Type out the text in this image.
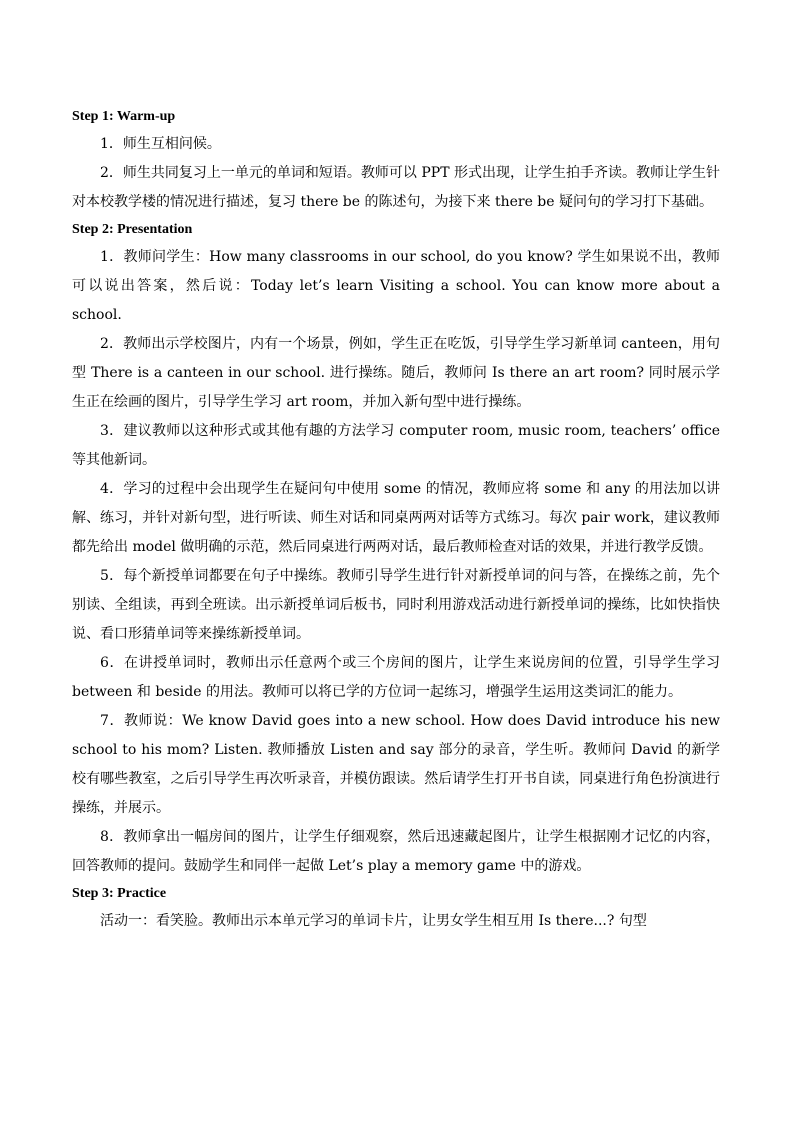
Step 1: Warm-up

1．师生互相问候。

2．师生共同复习上一单元的单词和短语。教师可以 PPT 形式出现，让学生拍手齐读。教师让学生针对本校教学楼的情况进行描述，复习 there be 的陈述句，为接下来 there be 疑问句的学习打下基础。

Step 2: Presentation

1．教师问学生：How many classrooms in our school, do you know? 学生如果说不出，教师可以说出答案，然后说：Today let’s learn Visiting a school. You can know more about a school.

2．教师出示学校图片，内有一个场景，例如，学生正在吃饭，引导学生学习新单词 canteen，用句型 There is a canteen in our school. 进行操练。随后，教师问 Is there an art room? 同时展示学生正在绘画的图片，引导学生学习 art room，并加入新句型中进行操练。

3．建议教师以这种形式或其他有趣的方法学习 computer room, music room, teachers’ office 等其他新词。

4．学习的过程中会出现学生在疑问句中使用 some 的情况，教师应将 some 和 any 的用法加以讲解、练习，并针对新句型，进行听读、师生对话和同桌两两对话等方式练习。每次 pair work，建议教师都先给出 model 做明确的示范，然后同桌进行两两对话，最后教师检查对话的效果，并进行教学反馈。

5．每个新授单词都要在句子中操练。教师引导学生进行针对新授单词的问与答，在操练之前，先个别读、全组读，再到全班读。出示新授单词后板书，同时利用游戏活动进行新授单词的操练，比如快指快说、看口形猜单词等来操练新授单词。

6．在讲授单词时，教师出示任意两个或三个房间的图片，让学生来说房间的位置，引导学生学习 between 和 beside 的用法。教师可以将已学的方位词一起练习，增强学生运用这类词汇的能力。

7．教师说：We know David goes into a new school. How does David introduce his new school to his mom? Listen. 教师播放 Listen and say 部分的录音，学生听。教师问 David 的新学校有哪些教室，之后引导学生再次听录音，并模仿跟读。然后请学生打开书自读，同桌进行角色扮演进行操练，并展示。

8．教师拿出一幅房间的图片，让学生仔细观察，然后迅速藏起图片，让学生根据刚才记忆的内容，回答教师的提问。鼓励学生和同伴一起做 Let’s play a memory game 中的游戏。

Step 3: Practice

活动一：看笑脸。教师出示本单元学习的单词卡片，让男女学生相互用 Is there...? 句型
